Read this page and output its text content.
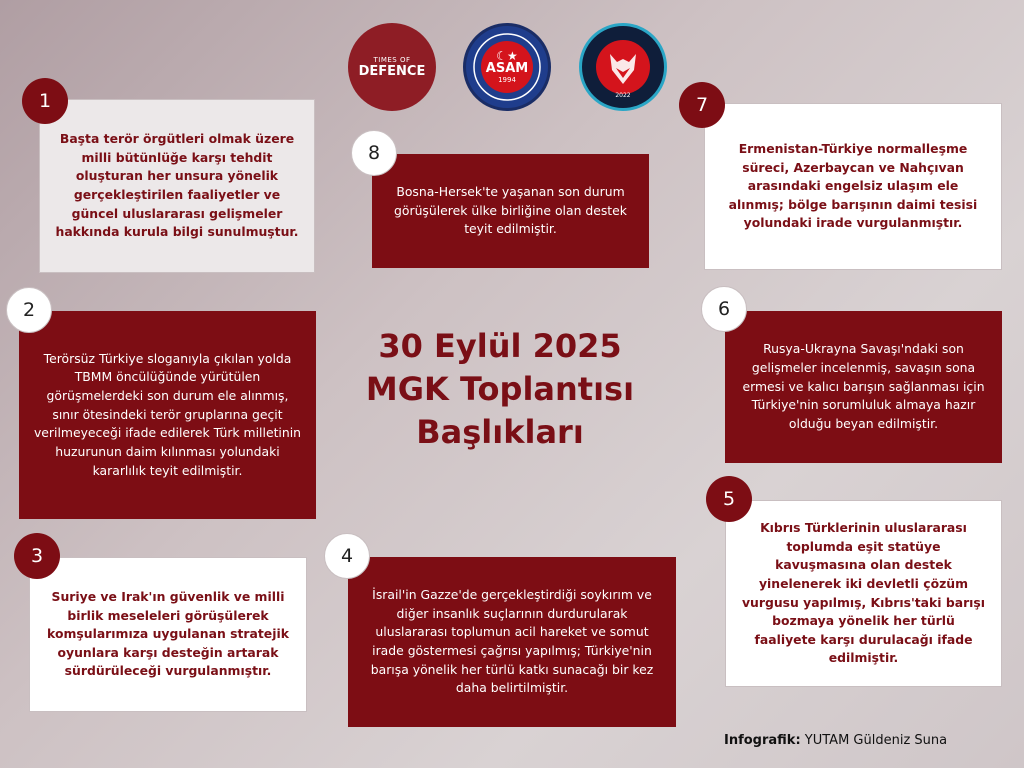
TIMES OF
DEFENCE
☾★
ASAM
1994
2022
Başta terör örgütleri olmak üzere milli bütünlüğe karşı tehdit oluşturan her unsura yönelik gerçekleştirilen faaliyetler ve güncel uluslararası gelişmeler hakkında kurula bilgi sunulmuştur.
1
Bosna-Hersek'te yaşanan son durum görüşülerek ülke birliğine olan destek teyit edilmiştir.
8	Ermenistan-Türkiye normalleşme süreci, Azerbaycan ve Nahçıvan arasındaki engelsiz ulaşım ele alınmış; bölge barışının daimi tesisi yolundaki irade vurgulanmıştır.
7
Terörsüz Türkiye sloganıyla çıkılan yolda TBMM öncülüğünde yürütülen görüşmelerdeki son durum ele alınmış, sınır ötesindeki terör gruplarına geçit verilmeyeceği ifade edilerek Türk milletinin huzurunun daim kılınması yolundaki kararlılık teyit edilmiştir.
2
30 Eylül 2025
MGK Toplantısı
Başlıkları
Rusya-Ukrayna Savaşı'ndaki son gelişmeler incelenmiş, savaşın sona ermesi ve kalıcı barışın sağlanması için Türkiye'nin sorumluluk almaya hazır olduğu beyan edilmiştir.
6
Suriye ve Irak'ın güvenlik ve milli birlik meseleleri görüşülerek komşularımıza uygulanan stratejik oyunlara karşı desteğin artarak sürdürüleceği vurgulanmıştır.
3
İsrail'in Gazze'de gerçekleştirdiği soykırım ve diğer insanlık suçlarının durdurularak uluslararası toplumun acil hareket ve somut irade göstermesi çağrısı yapılmış; Türkiye'nin barışa yönelik her türlü katkı sunacağı bir kez daha belirtilmiştir.
4
Kıbrıs Türklerinin uluslararası toplumda eşit statüye kavuşmasına olan destek yinelenerek iki devletli çözüm vurgusu yapılmış, Kıbrıs'taki barışı bozmaya yönelik her türlü faaliyete karşı durulacağı ifade edilmiştir.
5
Infografik: YUTAM Güldeniz Suna
